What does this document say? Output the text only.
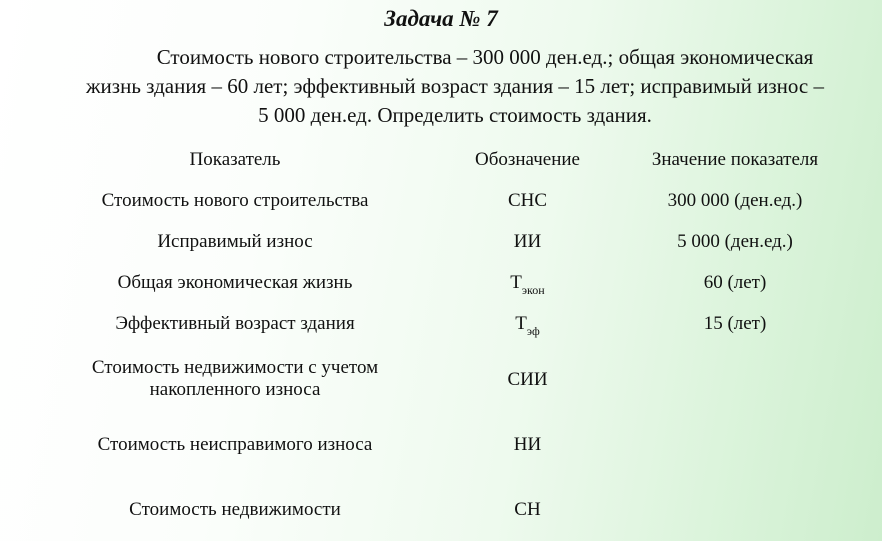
Задача № 7
Стоимость нового строительства – 300 000 ден.ед.; общая экономическая
жизнь здания – 60 лет; эффективный возраст здания – 15 лет; исправимый износ –
5 000 ден.ед. Определить стоимость здания.
Показатель	Обозначение	Значение показателя
Стоимость нового строительства	СНС	300 000 (ден.ед.)
Исправимый износ	ИИ	5 000 (ден.ед.)
Общая экономическая жизнь	$Т_{экон}$	60 (лет)
Эффективный возраст здания	$Т_{эф}$	15 (лет)
Стоимость недвижимости с учетом
накопленного износа	СИИ
Стоимость неисправимого износа	НИ
Стоимость недвижимости	СН
